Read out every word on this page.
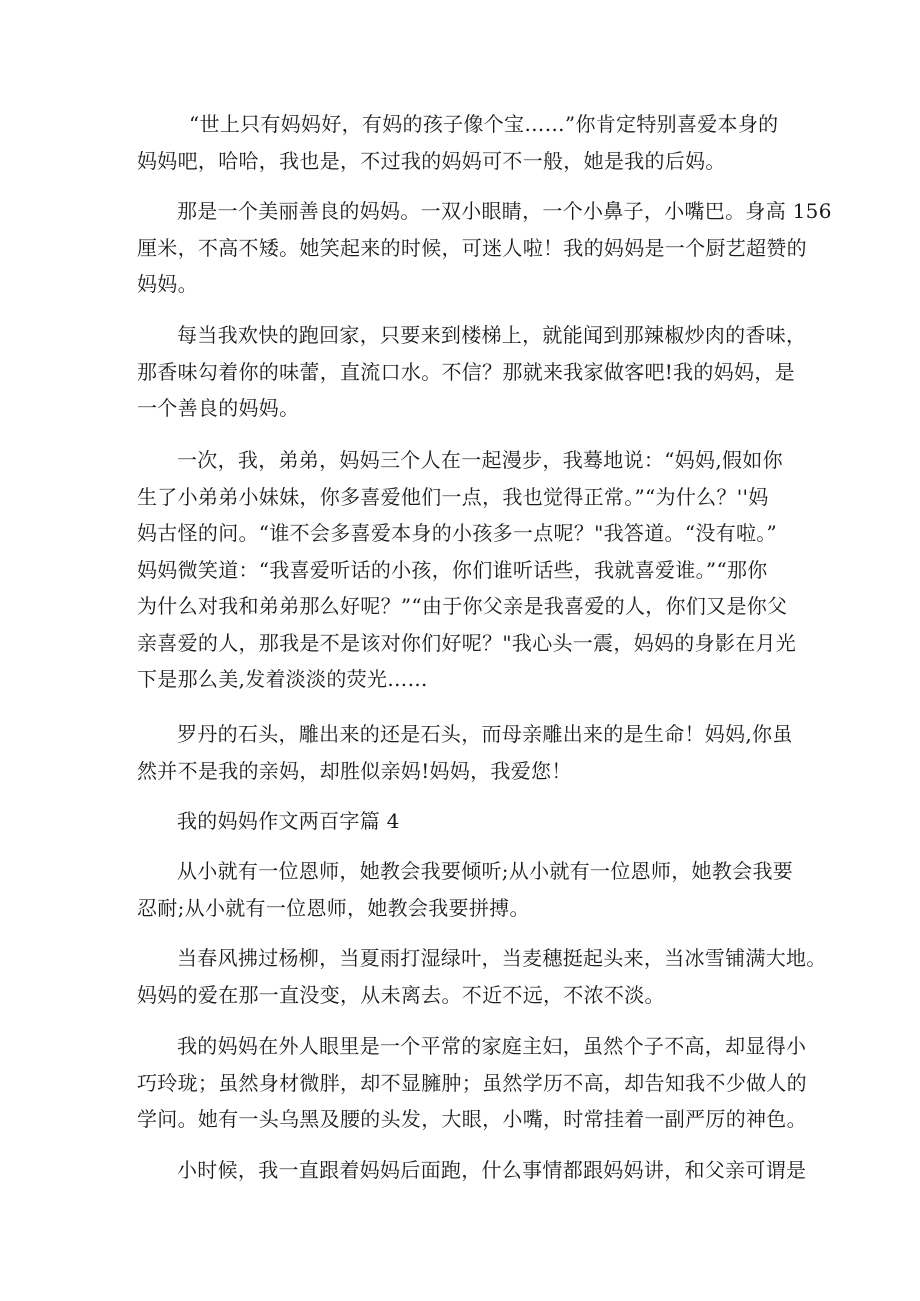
“世上只有妈妈好，有妈的孩子像个宝……”你肯定特别喜爱本身的
妈妈吧，哈哈，我也是，不过我的妈妈可不一般，她是我的后妈。
那是一个美丽善良的妈妈。一双小眼睛，一个小鼻子，小嘴巴。身高 156
厘米，不高不矮。她笑起来的时候，可迷人啦！我的妈妈是一个厨艺超赞的
妈妈。
每当我欢快的跑回家，只要来到楼梯上，就能闻到那辣椒炒肉的香味，
那香味勾着你的味蕾，直流口水。不信？那就来我家做客吧!我的妈妈，是
一个善良的妈妈。
一次，我，弟弟，妈妈三个人在一起漫步，我蓦地说：“妈妈,假如你
生了小弟弟小妹妹，你多喜爱他们一点，我也觉得正常。”“为什么？''妈
妈古怪的问。“谁不会多喜爱本身的小孩多一点呢？"我答道。“没有啦。”
妈妈微笑道：“我喜爱听话的小孩，你们谁听话些，我就喜爱谁。”“那你
为什么对我和弟弟那么好呢？”“由于你父亲是我喜爱的人，你们又是你父
亲喜爱的人，那我是不是该对你们好呢？"我心头一震，妈妈的身影在月光
下是那么美,发着淡淡的荧光……
罗丹的石头，雕出来的还是石头，而母亲雕出来的是生命！妈妈,你虽
然并不是我的亲妈，却胜似亲妈!妈妈，我爱您！
我的妈妈作文两百字篇 4
从小就有一位恩师，她教会我要倾听;从小就有一位恩师，她教会我要
忍耐;从小就有一位恩师，她教会我要拼搏。
当春风拂过杨柳，当夏雨打湿绿叶，当麦穗挺起头来，当冰雪铺满大地。
妈妈的爱在那一直没变，从未离去。不近不远，不浓不淡。
我的妈妈在外人眼里是一个平常的家庭主妇，虽然个子不高，却显得小
巧玲珑；虽然身材微胖，却不显臃肿；虽然学历不高，却告知我不少做人的
学问。她有一头乌黑及腰的头发，大眼，小嘴，时常挂着一副严厉的神色。
小时候，我一直跟着妈妈后面跑，什么事情都跟妈妈讲，和父亲可谓是
